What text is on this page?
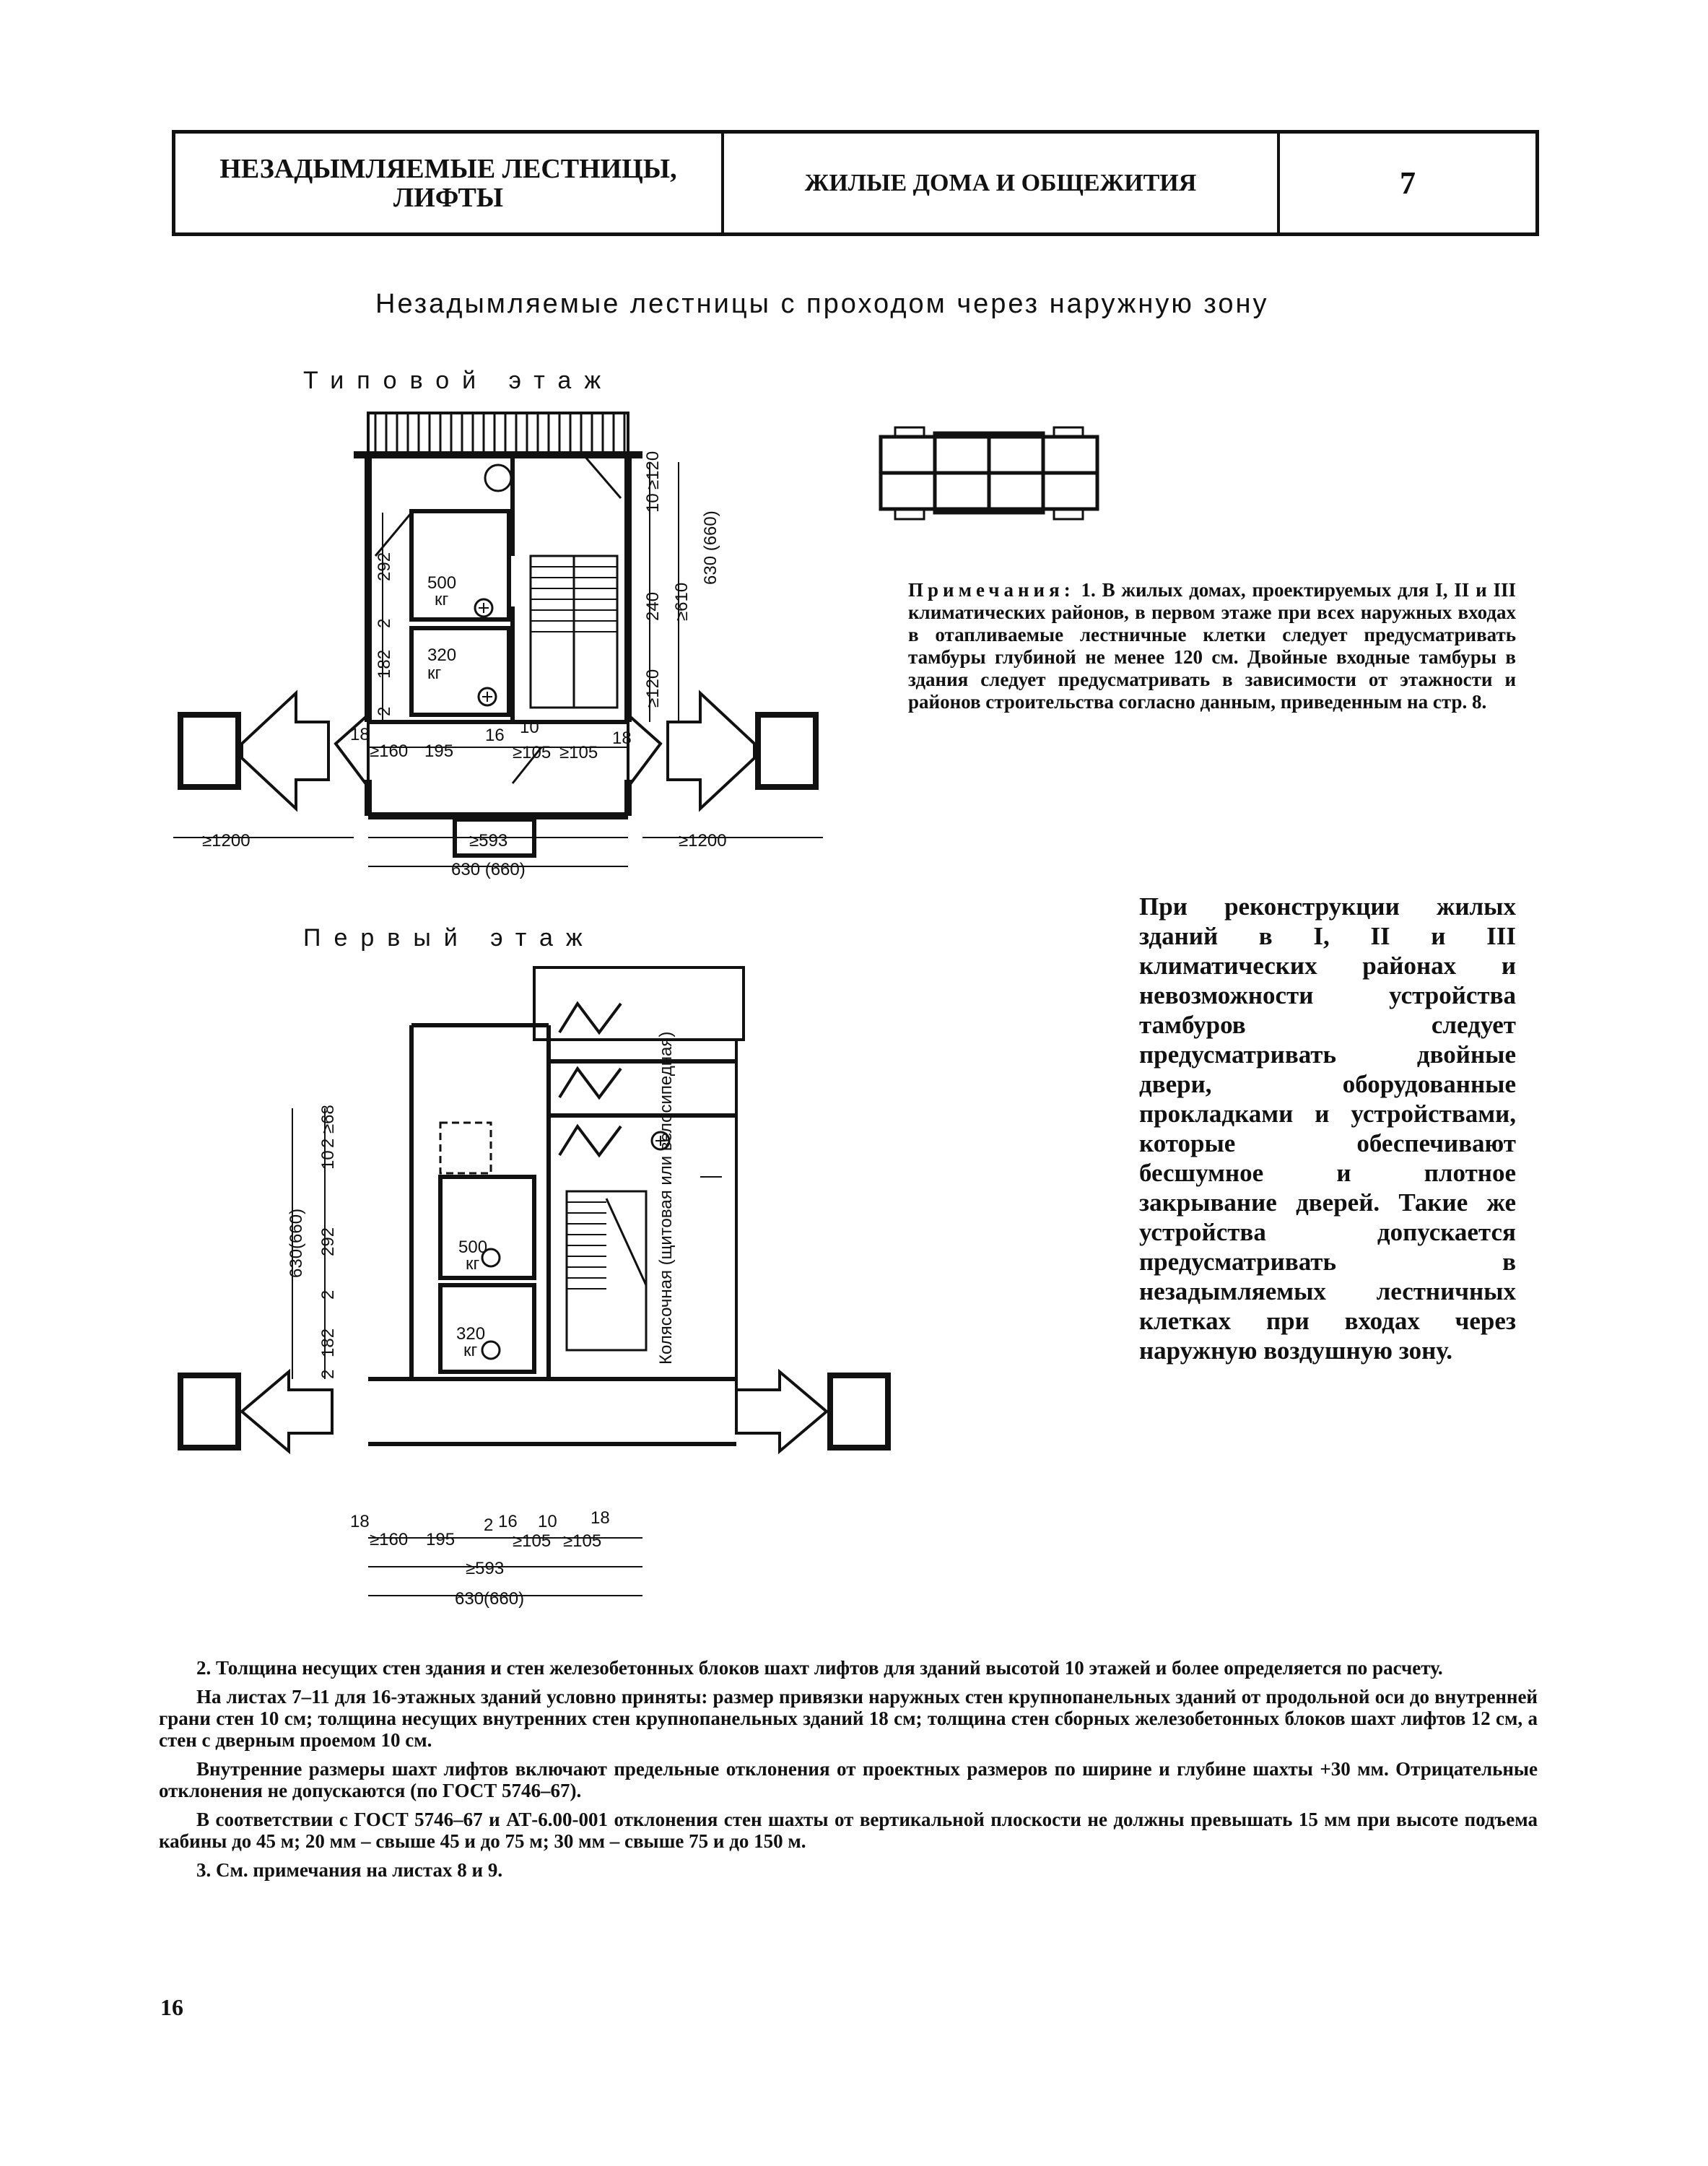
НЕЗАДЫМЛЯЕМЫЕ ЛЕСТНИЦЫ, ЛИФТЫ	ЖИЛЫЕ ДОМА И ОБЩЕЖИТИЯ	7
Незадымляемые лестницы с проходом через наружную зону
Типовой этаж
500
кг
320
кг
292
182
2
2
18
≥160 195
16 10
≥105 ≥105
18
10
≥120
240
≥120
≥610
630 (660)
≥1200	≥593	≥1200
630 (660)
Примечания: 1. В жилых домах, проектируемых для I, II и III климатических районов, в первом этаже при всех наружных входах в отапливаемые лестничные клетки следует предусматривать тамбуры глубиной не менее 120 см. Двойные входные тамбуры в здания следует предусматривать в зависимости от этажности и районов строительства согласно данным, приведенным на стр. 8.
Первый этаж
500
кг
320
кг	Колясочная (щитовая или велосипедная)
630(660)
10
2
≥68
292
2
182
2
18
≥160 195
2 16 10 18
≥105 ≥105
≥593
630(660)
При реконструкции жилых зданий в I, II и III климатических районах и невозможности устройства тамбуров следует предусматривать двойные двери, оборудованные прокладками и устройствами, которые обеспечивают бесшумное и плотное закрывание дверей. Такие же устройства допускается предусматривать в незадымляемых лестничных клетках при входах через наружную воздушную зону.

2. Толщина несущих стен здания и стен железобетонных блоков шахт лифтов для зданий высотой 10 этажей и более определяется по расчету.

На листах 7–11 для 16-этажных зданий условно приняты: размер привязки наружных стен крупнопанельных зданий от продольной оси до внутренней грани стен 10 см; толщина несущих внутренних стен крупнопанельных зданий 18 см; толщина стен сборных железобетонных блоков шахт лифтов 12 см, а стен с дверным проемом 10 см.

Внутренние размеры шахт лифтов включают предельные отклонения от проектных размеров по ширине и глубине шахты +30 мм. Отрицательные отклонения не допускаются (по ГОСТ 5746–67).

В соответствии с ГОСТ 5746–67 и АТ-6.00-001 отклонения стен шахты от вертикальной плоскости не должны превышать 15 мм при высоте подъема кабины до 45 м; 20 мм – свыше 45 и до 75 м; 30 мм – свыше 75 и до 150 м.

3. См. примечания на листах 8 и 9.

16
